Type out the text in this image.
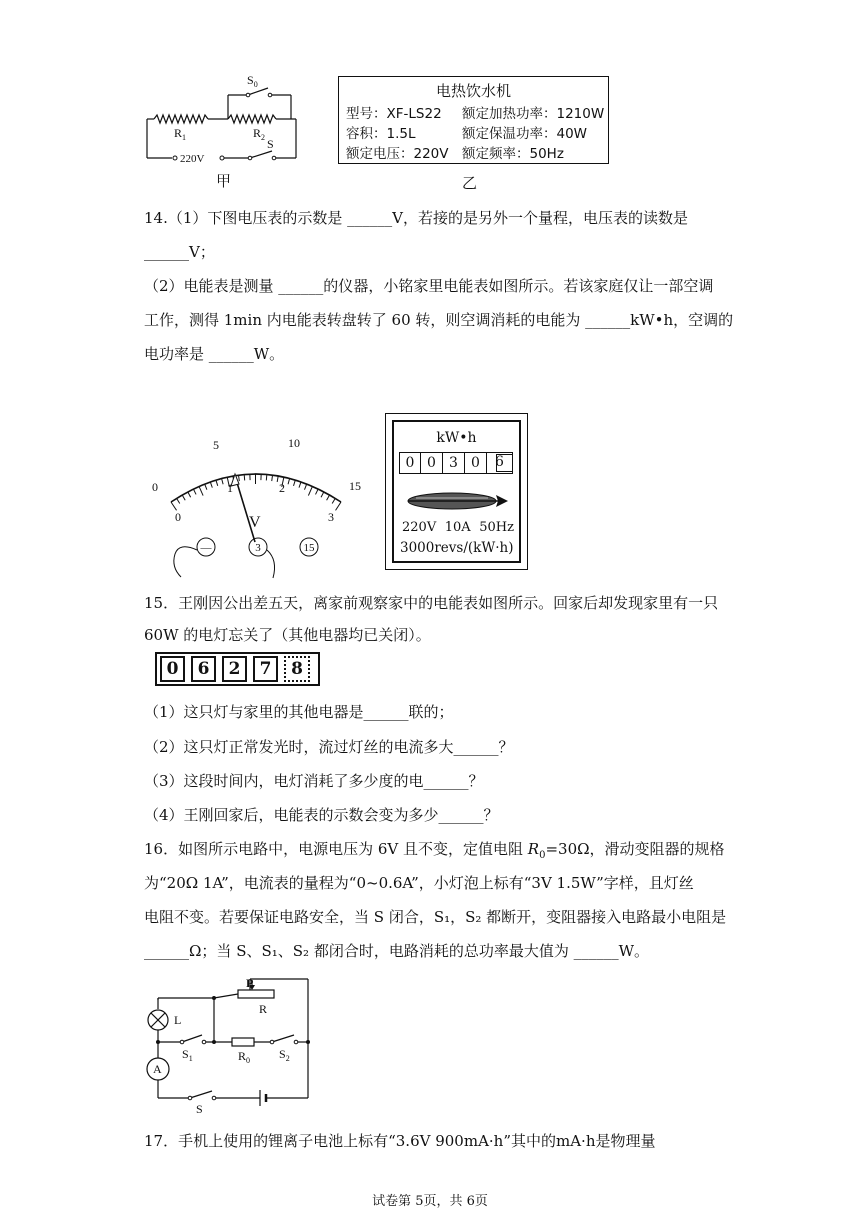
$S_0$
$R_1$	$R_2$ S
220V
甲
电热饮水机
型号：XF-LS22 额定加热功率：1210W
容积：1.5L	额定保温功率：40W
额定电压：220V 额定频率：50Hz
乙
14.（1）下图电压表的示数是 ______V，若接的是另外一个量程，电压表的读数是
______V；
（2）电能表是测量 ______的仪器，小铭家里电能表如图所示。若该家庭仅让一部空调
工作，测得 1min 内电能表转盘转了 60 转，则空调消耗的电能为 ______kW•h，空调的
电功率是 ______W。
0
5	10
15
0
1	2
3
V
—	3	15
kW•h
0 0 3 0	6
220V 10A 50Hz
3000revs/(kW·h)
15．王刚因公出差五天，离家前观察家中的电能表如图所示。回家后却发现家里有一只
60W 的电灯忘关了（其他电器均已关闭）。
0	6	2	7	8
（1）这只灯与家里的其他电器是______联的；
（2）这只灯正常发光时，流过灯丝的电流多大______？
（3）这段时间内，电灯消耗了多少度的电______？
（4）王刚回家后，电能表的示数会变为多少______？
16．如图所示电路中，电源电压为 6V 且不变，定值电阻 $R_0=30\Omega$，滑动变阻器的规格
为“20Ω 1A”，电流表的量程为“0~0.6A”，小灯泡上标有“3V 1.5W”字样，且灯丝
电阻不变。若要保证电路安全，当 S 闭合，S₁，S₂ 都断开，变阻器接入电路最小电阻是
______Ω；当 S、S₁、S₂ 都闭合时，电路消耗的总功率最大值为 ______W。
P
R
L
$S_1$	$R_0$ $S_2$
A
S
17．手机上使用的锂离子电池上标有“3.6V 900mA·h”其中的mA·h是物理量
试卷第 5页，共 6页
